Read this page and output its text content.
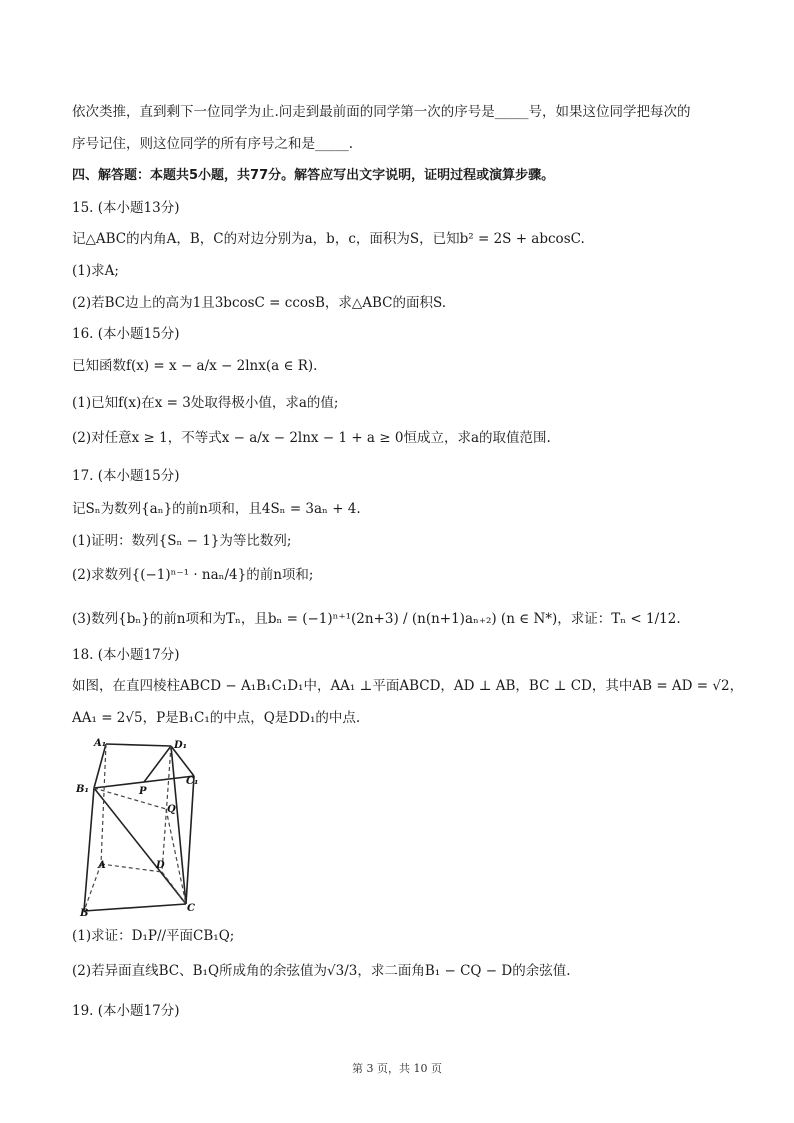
依次类推，直到剩下一位同学为止.问走到最前面的同学第一次的序号是_____号，如果这位同学把每次的
序号记住，则这位同学的所有序号之和是_____.
四、解答题：本题共5小题，共77分。解答应写出文字说明，证明过程或演算步骤。
15. (本小题13分)
记△ABC的内角A，B，C的对边分别为a，b，c，面积为S，已知b² = 2S + abcosC.
(1)求A;
(2)若BC边上的高为1且3bcosC = ccosB，求△ABC的面积S.
16. (本小题15分)
已知函数f(x) = x − a/x − 2lnx(a ∈ R).
(1)已知f(x)在x = 3处取得极小值，求a的值;
(2)对任意x ≥ 1，不等式x − a/x − 2lnx − 1 + a ≥ 0恒成立，求a的取值范围.
17. (本小题15分)
记Sₙ为数列{aₙ}的前n项和，且4Sₙ = 3aₙ + 4.
(1)证明：数列{Sₙ − 1}为等比数列;
(2)求数列{(−1)ⁿ⁻¹ · naₙ/4}的前n项和;
(3)数列{bₙ}的前n项和为Tₙ，且bₙ = (−1)ⁿ⁺¹(2n+3) / (n(n+1)aₙ₊₂) (n ∈ N*)，求证：Tₙ < 1/12.
18. (本小题17分)
如图，在直四棱柱ABCD − A₁B₁C₁D₁中，AA₁ ⊥平面ABCD，AD ⊥ AB，BC ⊥ CD，其中AB = AD = √2，
AA₁ = 2√5，P是B₁C₁的中点，Q是DD₁的中点.
A₁	D₁
C₁
B₁	P
Q
A	D
C
B
(1)求证：D₁P//平面CB₁Q;
(2)若异面直线BC、B₁Q所成角的余弦值为√3/3，求二面角B₁ − CQ − D的余弦值.
19. (本小题17分)
第 3 页，共 10 页
